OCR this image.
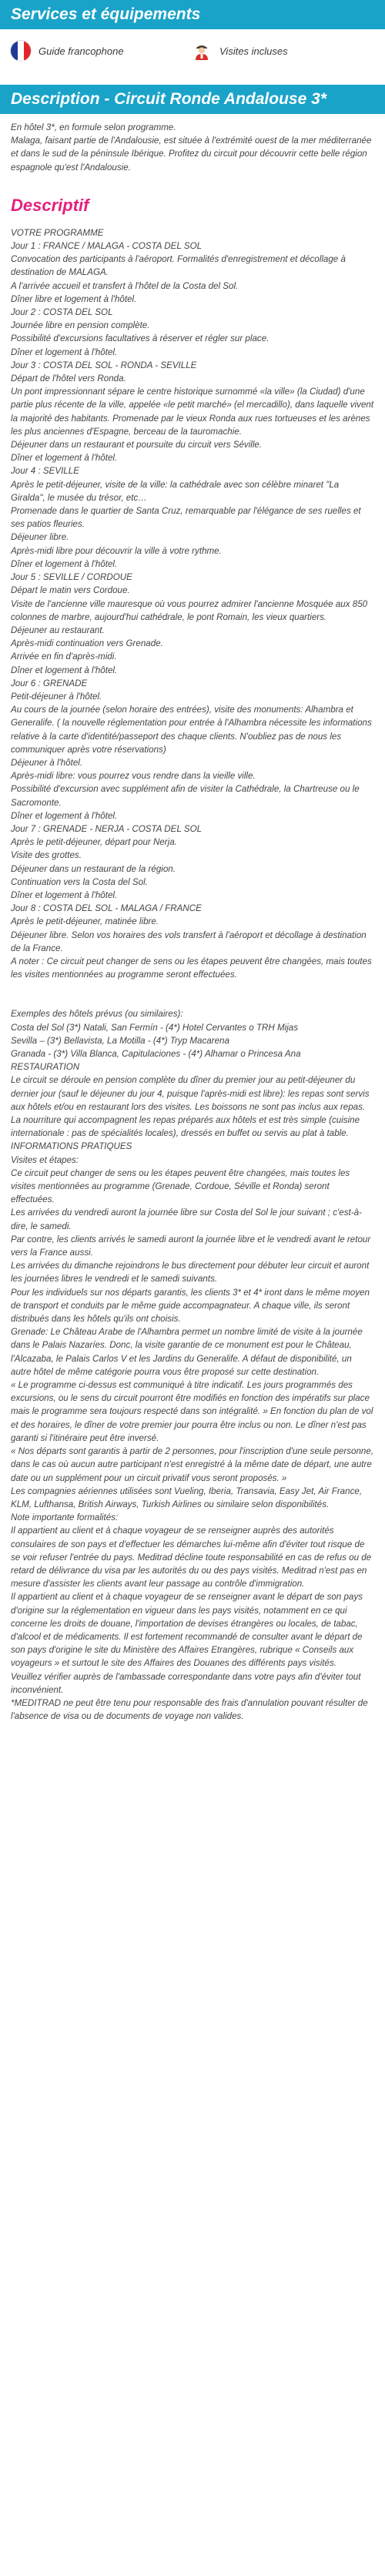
Services et équipements
Guide francophone	Visites incluses
Description - Circuit Ronde Andalouse 3*

En hôtel 3*, en formule selon programme.

Malaga, faisant partie de l'Andalousie, est située à l'extrémité ouest de la mer méditerranée et dans le sud de la péninsule Ibérique. Profitez du circuit pour découvrir cette belle région espagnole qu'est l'Andalousie.

Descriptif
VOTRE PROGRAMME
Jour 1 : FRANCE / MALAGA - COSTA DEL SOL
Convocation des participants à l'aéroport. Formalités d'enregistrement et décollage à destination de MALAGA.
A l'arrivée accueil et transfert à l'hôtel de la Costa del Sol.
Dîner libre et logement à l'hôtel.
Jour 2 : COSTA DEL SOL
Journée libre en pension complète.
Possibilité d'excursions facultatives à réserver et régler sur place.
Dîner et logement à l'hôtel.
Jour 3 : COSTA DEL SOL - RONDA - SEVILLE
Départ de l'hôtel vers Ronda.
Un pont impressionnant sépare le centre historique surnommé «la ville» (la Ciudad) d'une partie plus récente de la ville, appelée «le petit marché» (el mercadillo), dans laquelle vivent la majorité des habitants. Promenade par le vieux Ronda aux rues tortueuses et les arènes les plus anciennes d'Espagne, berceau de la tauromachie.
Déjeuner dans un restaurant et poursuite du circuit vers Séville.
Dîner et logement à l'hôtel.
Jour 4 : SEVILLE
Après le petit-déjeuner, visite de la ville: la cathédrale avec son célèbre minaret "La Giralda", le musée du trésor, etc…
Promenade dans le quartier de Santa Cruz, remarquable par l'élégance de ses ruelles et ses patios fleuries.
Déjeuner libre.
Après-midi libre pour découvrir la ville à votre rythme.
Dîner et logement à l'hôtel.
Jour 5 : SEVILLE / CORDOUE
Départ le matin vers Cordoue.
Visite de l'ancienne ville mauresque où vous pourrez admirer l'ancienne Mosquée aux 850 colonnes de marbre, aujourd'hui cathédrale, le pont Romain, les vieux quartiers.
Déjeuner au restaurant.
Après-midi continuation vers Grenade.
Arrivée en fin d'après-midi.
Dîner et logement à l'hôtel.
Jour 6 : GRENADE
Petit-déjeuner à l'hôtel.
Au cours de la journée (selon horaire des entrées), visite des monuments: Alhambra et Generalife. ( la nouvelle réglementation pour entrée à l'Alhambra nécessite les informations relative à la carte d'identité/passeport des chaque clients. N'oubliez pas de nous les communiquer après votre réservations)
Déjeuner à l'hôtel.
Après-midi libre: vous pourrez vous rendre dans la vieille ville.
Possibilité d'excursion avec supplément afin de visiter la Cathédrale, la Chartreuse ou le Sacromonte.
Dîner et logement à l'hôtel.
Jour 7 : GRENADE - NERJA - COSTA DEL SOL
Après le petit-déjeuner, départ pour Nerja.
Visite des grottes.
Déjeuner dans un restaurant de la région.
Continuation vers la Costa del Sol.
Dîner et logement à l'hôtel.
Jour 8 : COSTA DEL SOL - MALAGA / FRANCE
Après le petit-déjeuner, matinée libre.
Déjeuner libre. Selon vos horaires des vols transfert à l'aéroport et décollage à destination de la France.
A noter : Ce circuit peut changer de sens ou les étapes peuvent être changées, mais toutes les visites mentionnées au programme seront effectuées.
Exemples des hôtels prévus (ou similaires):
Costa del Sol (3*) Natali, San Fermín - (4*) Hotel Cervantes o TRH Mijas
Sevilla – (3*) Bellavista, La Motilla - (4*) Tryp Macarena
Granada - (3*) Villa Blanca, Capitulaciones - (4*) Alhamar o Princesa Ana
RESTAURATION
Le circuit se déroule en pension complète du dîner du premier jour au petit-déjeuner du dernier jour (sauf le déjeuner du jour 4, puisque l'après-midi est libre): les repas sont servis aux hôtels et/ou en restaurant lors des visites. Les boissons ne sont pas inclus aux repas. La nourriture qui accompagnent les repas préparés aux hôtels et est très simple (cuisine internationale : pas de spécialités locales), dressés en buffet ou servis au plat à table.
INFORMATIONS PRATIQUES
Visites et étapes:
Ce circuit peut changer de sens ou les étapes peuvent être changées, mais toutes les visites mentionnées au programme (Grenade, Cordoue, Séville et Ronda) seront effectuées.
Les arrivées du vendredi auront la journée libre sur Costa del Sol le jour suivant ; c'est-à-dire, le samedi.
Par contre, les clients arrivés le samedi auront la journée libre et le vendredi avant le retour vers la France aussi.
Les arrivées du dimanche rejoindrons le bus directement pour débuter leur circuit et auront les journées libres le vendredi et le samedi suivants.
Pour les individuels sur nos départs garantis, les clients 3* et 4* iront dans le même moyen de transport et conduits par le même guide accompagnateur. A chaque ville, ils seront distribués dans les hôtels qu'ils ont choisis.
Grenade: Le Château Arabe de l'Alhambra permet un nombre limité de visite à la journée dans le Palais Nazaríes. Donc, la visite garantie de ce monument est pour le Château, l'Alcazaba, le Palais Carlos V et les Jardins du Generalife. A défaut de disponibilité, un autre hôtel de même catégorie pourra vous être proposé sur cette destination.
« Le programme ci-dessus est communiqué à titre indicatif. Les jours programmés des excursions, ou le sens du circuit pourront être modifiés en fonction des impératifs sur place mais le programme sera toujours respecté dans son intégralité. » En fonction du plan de vol et des horaires, le dîner de votre premier jour pourra être inclus ou non. Le dîner n'est pas garanti si l'itinéraire peut être inversé.
« Nos départs sont garantis à partir de 2 personnes, pour l'inscription d'une seule personne, dans le cas où aucun autre participant n'est enregistré à la même date de départ, une autre date ou un supplément pour un circuit privatif vous seront proposés. »
Les compagnies aériennes utilisées sont Vueling, Iberia, Transavia, Easy Jet, Air France, KLM, Lufthansa, British Airways, Turkish Airlines ou similaire selon disponibilités.
Note importante formalités:
Il appartient au client et à chaque voyageur de se renseigner auprès des autorités consulaires de son pays et d'effectuer les démarches lui-même afin d'éviter tout risque de se voir refuser l'entrée du pays. Meditrad décline toute responsabilité en cas de refus ou de retard de délivrance du visa par les autorités du ou des pays visités. Meditrad n'est pas en mesure d'assister les clients avant leur passage au contrôle d'immigration.
Il appartient au client et à chaque voyageur de se renseigner avant le départ de son pays d'origine sur la réglementation en vigueur dans les pays visités, notamment en ce qui concerne les droits de douane, l'importation de devises étrangères ou locales, de tabac, d'alcool et de médicaments. Il est fortement recommandé de consulter avant le départ de son pays d'origine le site du Ministère des Affaires Etrangères, rubrique « Conseils aux voyageurs » et surtout le site des Affaires des Douanes des différents pays visités.
Veuillez vérifier auprès de l'ambassade correspondante dans votre pays afin d'éviter tout inconvénient.
*MEDITRAD ne peut être tenu pour responsable des frais d'annulation pouvant résulter de l'absence de visa ou de documents de voyage non valides.
